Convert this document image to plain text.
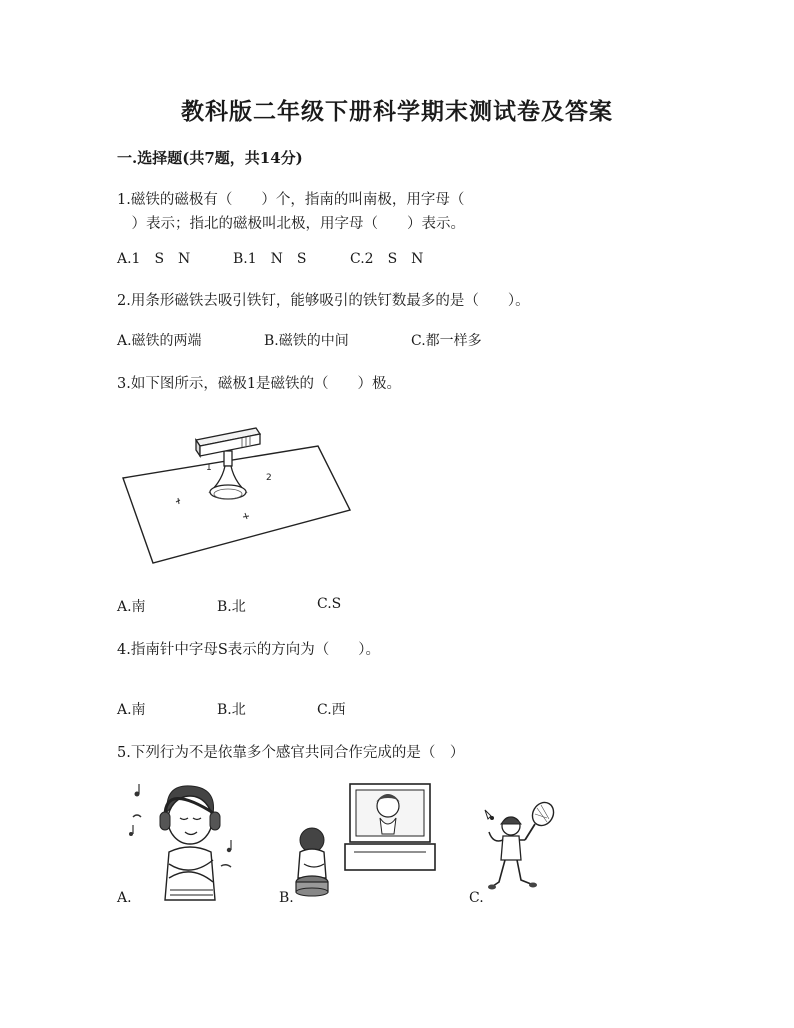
教科版二年级下册科学期末测试卷及答案
一.选择题(共7题，共14分)
1.磁铁的磁极有（　　）个，指南的叫南极，用字母（
　）表示；指北的磁极叫北极，用字母（　　）表示。
A.1　S　N	B.1　N　S	C.2　S　N
2.用条形磁铁去吸引铁钉，能够吸引的铁钉数最多的是（　　）。
A.磁铁的两端	B.磁铁的中间	C.都一样多
3.如下图所示，磁极1是磁铁的（　　）极。
1
2
A.南	B.北	C.S
4.指南针中字母S表示的方向为（　　）。
A.南	B.北	C.西
5.下列行为不是依靠多个感官共同合作完成的是（　）
A.	B.	C.
